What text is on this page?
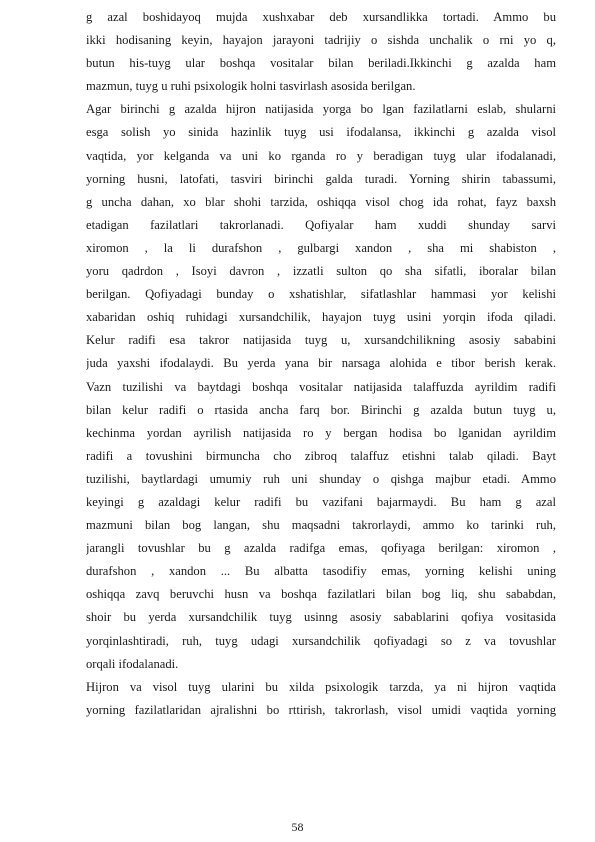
g azal boshidayoq mujda xushxabar deb xursandlikka tortadi. Ammo bu
ikki hodisaning keyin, hayajon jarayoni tadrijiy o sishda unchalik o rni yo q,
butun his-tuyg ular boshqa vositalar bilan beriladi.Ikkinchi g azalda ham
mazmun, tuyg u ruhi psixologik holni tasvirlash asosida berilgan.
Agar birinchi g azalda hijron natijasida yorga bo lgan fazilatlarni eslab, shularni
esga solish yo sinida hazinlik tuyg usi ifodalansa, ikkinchi g azalda visol
vaqtida, yor kelganda va uni ko rganda ro y beradigan tuyg ular ifodalanadi,
yorning husni, latofati, tasviri birinchi galda turadi. Yorning shirin tabassumi,
g uncha dahan, xo blar shohi tarzida, oshiqqa visol chog ida rohat, fayz baxsh
etadigan fazilatlari takrorlanadi. Qofiyalar ham xuddi shunday sarvi
xiromon , la li durafshon , gulbargi xandon , sha mi shabiston ,
yoru qadrdon , Isoyi davron , izzatli sulton qo sha sifatli, iboralar bilan
berilgan. Qofiyadagi bunday o xshatishlar, sifatlashlar hammasi yor kelishi
xabaridan oshiq ruhidagi xursandchilik, hayajon tuyg usini yorqin ifoda qiladi.
Kelur radifi esa takror natijasida tuyg u, xursandchilikning asosiy sababini
juda yaxshi ifodalaydi. Bu yerda yana bir narsaga alohida e tibor berish kerak.
Vazn tuzilishi va baytdagi boshqa vositalar natijasida talaffuzda ayrildim radifi
bilan kelur radifi o rtasida ancha farq bor. Birinchi g azalda butun tuyg u,
kechinma yordan ayrilish natijasida ro y bergan hodisa bo lganidan ayrildim
radifi a tovushini birmuncha cho zibroq talaffuz etishni talab qiladi. Bayt
tuzilishi, baytlardagi umumiy ruh uni shunday o qishga majbur etadi. Ammo
keyingi g azaldagi kelur radifi bu vazifani bajarmaydi. Bu ham g azal
mazmuni bilan bog langan, shu maqsadni takrorlaydi, ammo ko tarinki ruh,
jarangli tovushlar bu g azalda radifga emas, qofiyaga berilgan: xiromon ,
durafshon , xandon ... Bu albatta tasodifiy emas, yorning kelishi uning
oshiqqa zavq beruvchi husn va boshqa fazilatlari bilan bog liq, shu sababdan,
shoir bu yerda xursandchilik tuyg usinng asosiy sabablarini qofiya vositasida
yorqinlashtiradi, ruh, tuyg udagi xursandchilik qofiyadagi so z va tovushlar
orqali ifodalanadi.
Hijron va visol tuyg ularini bu xilda psixologik tarzda, ya ni hijron vaqtida
yorning fazilatlaridan ajralishni bo rttirish, takrorlash, visol umidi vaqtida yorning
58
